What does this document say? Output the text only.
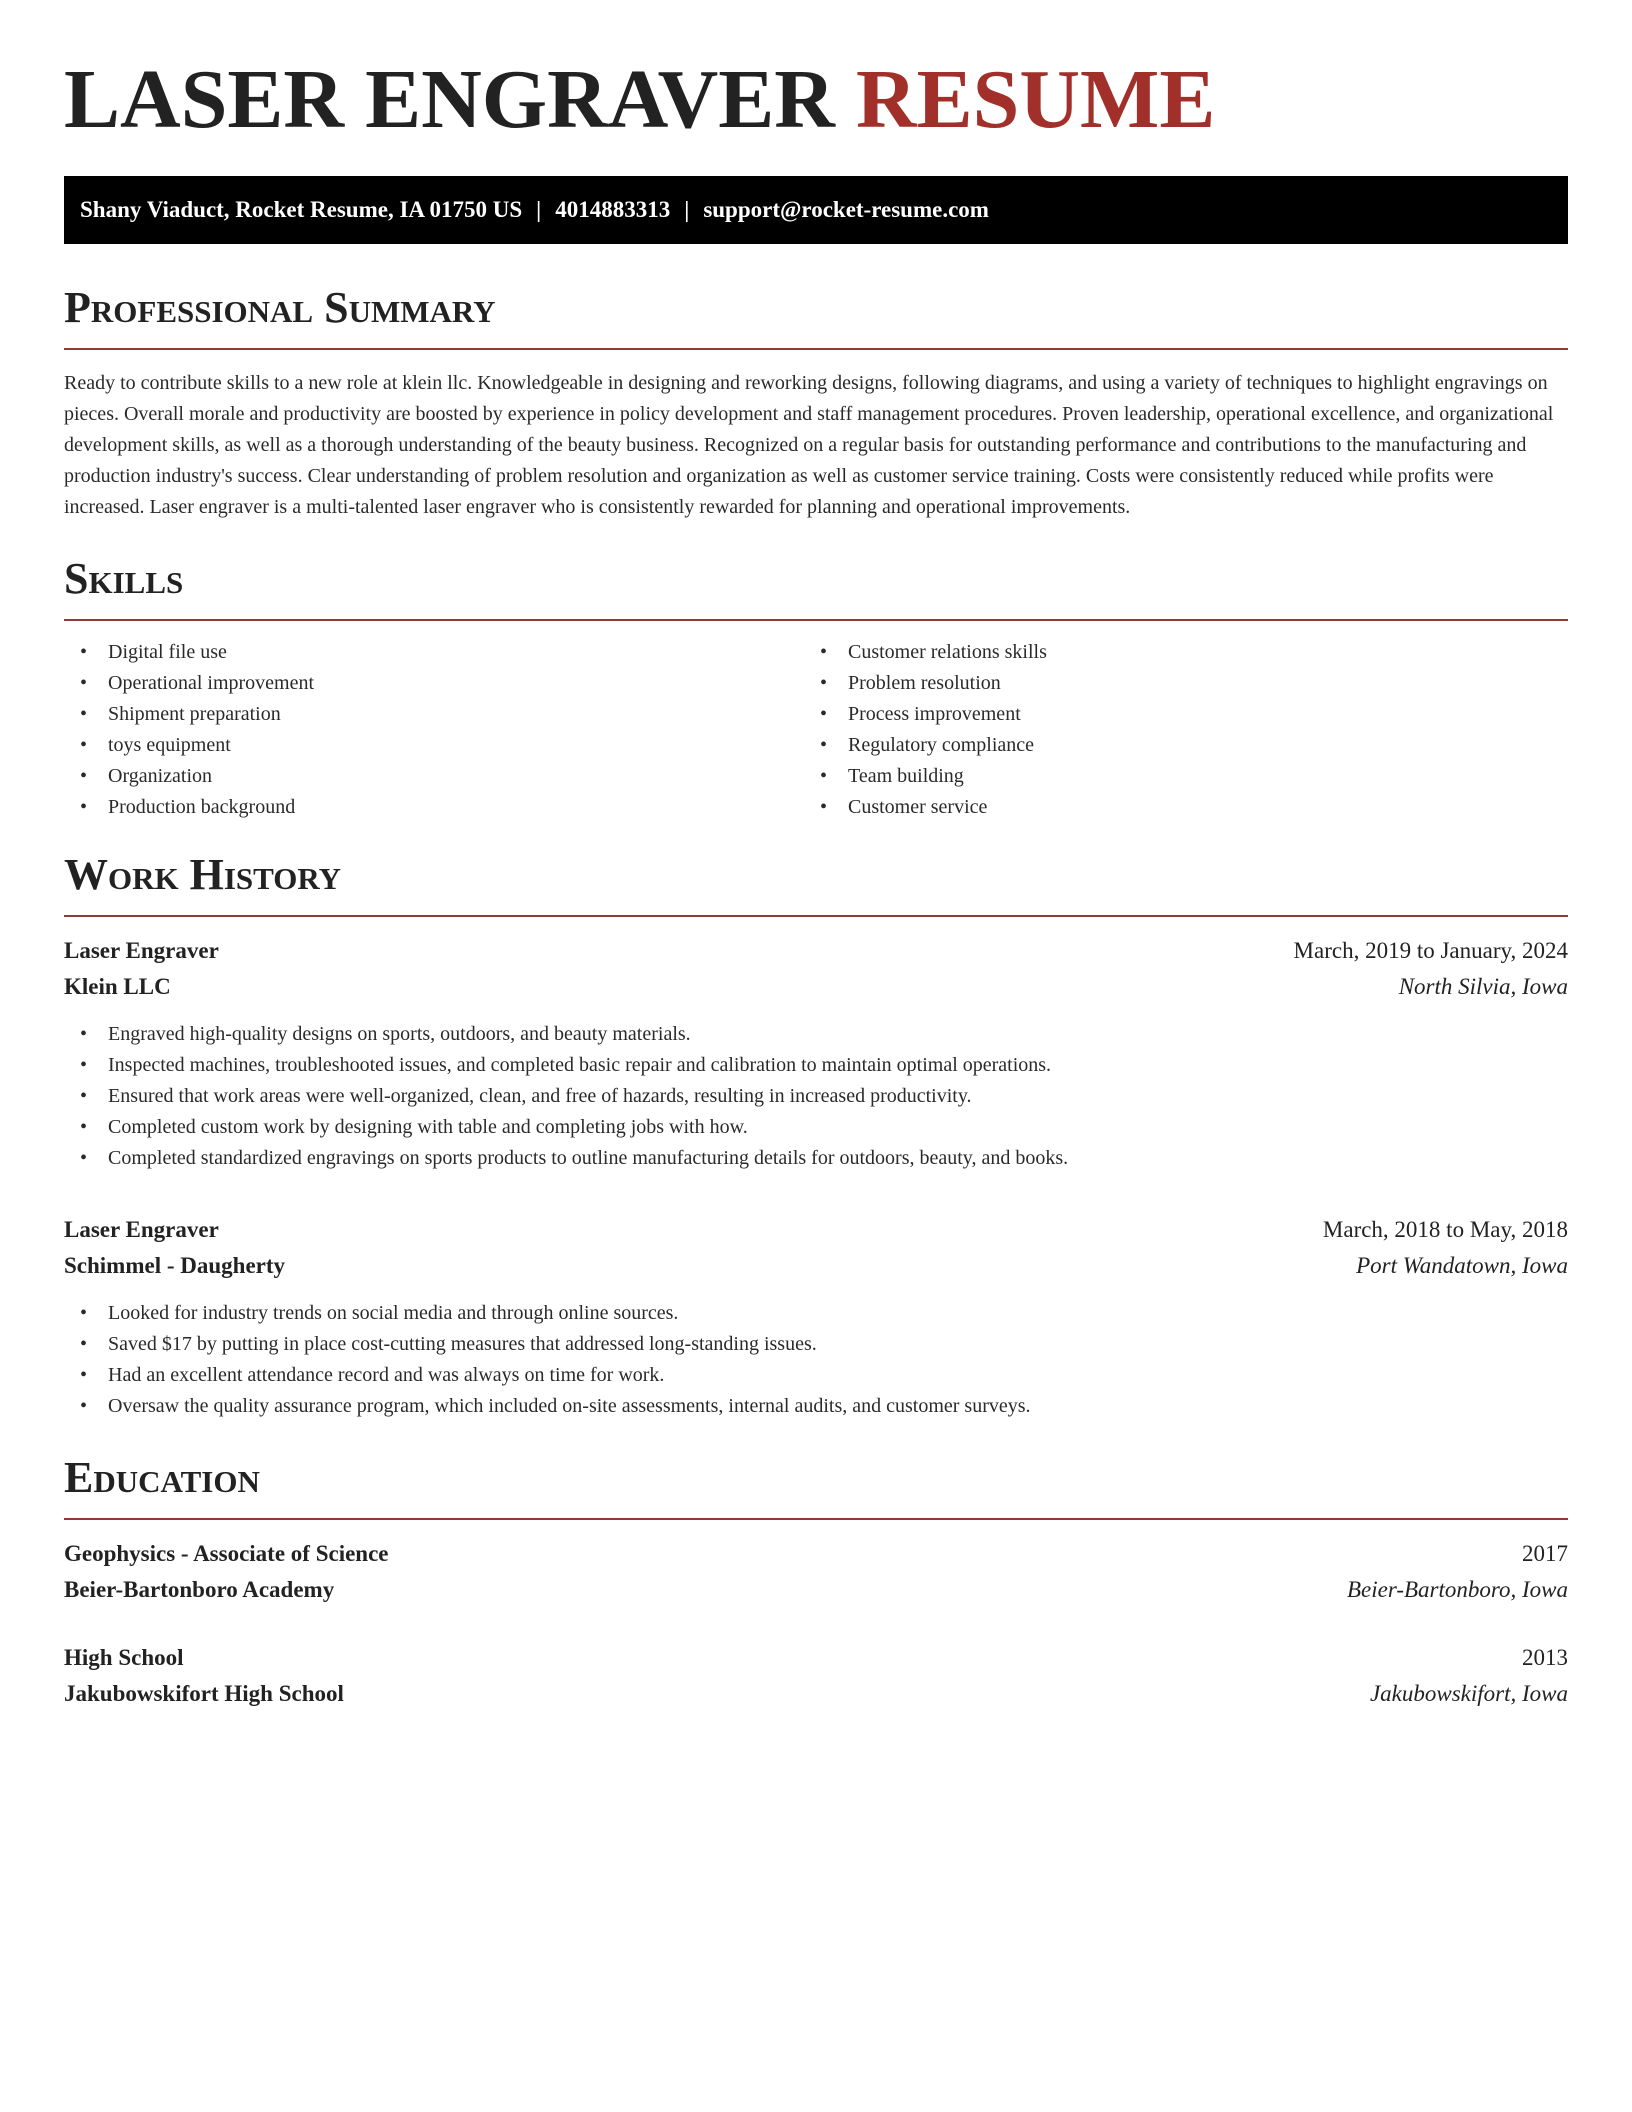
LASER ENGRAVER RESUME
Shany Viaduct, Rocket Resume, IA 01750 US | 4014883313 | support@rocket-resume.com
Professional Summary

Ready to contribute skills to a new role at klein llc. Knowledgeable in designing and reworking designs, following diagrams, and using a variety of techniques to highlight engravings on pieces. Overall morale and productivity are boosted by experience in policy development and staff management procedures. Proven leadership, operational excellence, and organizational development skills, as well as a thorough understanding of the beauty business. Recognized on a regular basis for outstanding performance and contributions to the manufacturing and production industry's success. Clear understanding of problem resolution and organization as well as customer service training. Costs were consistently reduced while profits were increased. Laser engraver is a multi-talented laser engraver who is consistently rewarded for planning and operational improvements.

Skills
• Digital file use
• Operational improvement
• Shipment preparation
• toys equipment
• Organization
• Production background
• Customer relations skills
• Problem resolution
• Process improvement
• Regulatory compliance
• Team building
• Customer service
Work History
Laser Engraver	March, 2019 to January, 2024
Klein LLC	North Silvia, Iowa
• Engraved high-quality designs on sports, outdoors, and beauty materials.
• Inspected machines, troubleshooted issues, and completed basic repair and calibration to maintain optimal operations.
• Ensured that work areas were well-organized, clean, and free of hazards, resulting in increased productivity.
• Completed custom work by designing with table and completing jobs with how.
• Completed standardized engravings on sports products to outline manufacturing details for outdoors, beauty, and books.
Laser Engraver	March, 2018 to May, 2018
Schimmel - Daugherty	Port Wandatown, Iowa
• Looked for industry trends on social media and through online sources.
• Saved $17 by putting in place cost-cutting measures that addressed long-standing issues.
• Had an excellent attendance record and was always on time for work.
• Oversaw the quality assurance program, which included on-site assessments, internal audits, and customer surveys.
Education
Geophysics - Associate of Science	2017
Beier-Bartonboro Academy	Beier-Bartonboro, Iowa
High School	2013
Jakubowskifort High School	Jakubowskifort, Iowa
